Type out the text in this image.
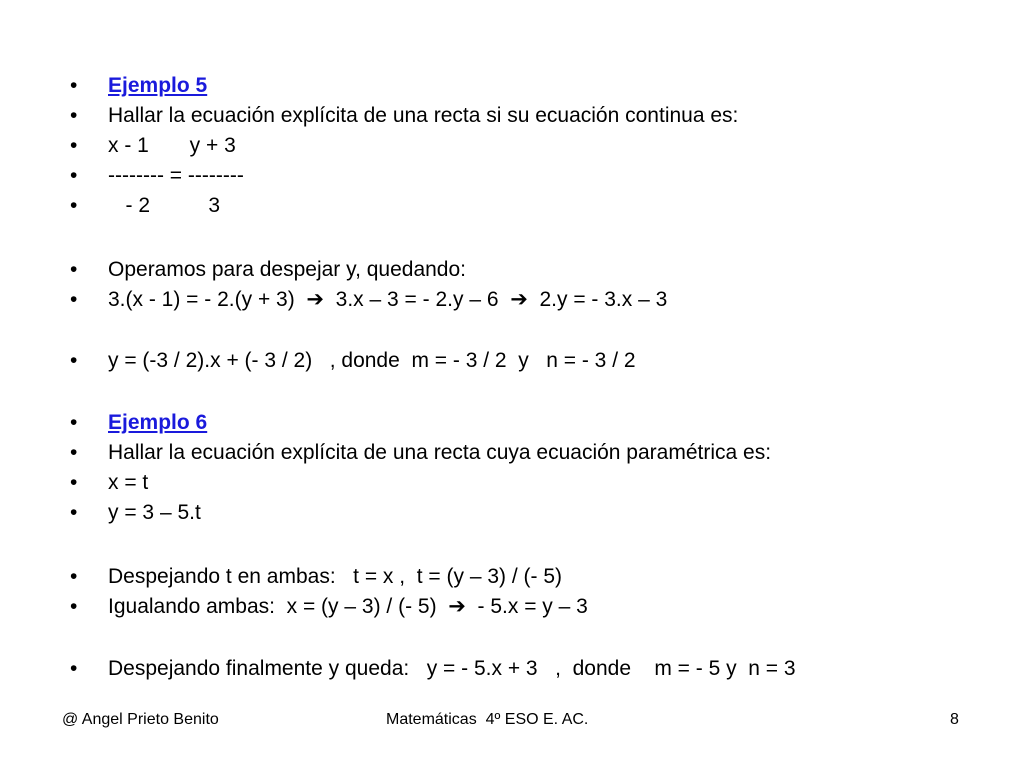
•

	Ejemplo 5

•

	Hallar la ecuación explícita de una recta si su ecuación continua es:

•

	x - 1       y + 3

•

	-------- = --------

•

	- 2          3

•

	Operamos para despejar y, quedando:

•

	3.(x - 1) = - 2.(y + 3)  ➔  3.x – 3 = - 2.y – 6  ➔  2.y = - 3.x – 3

•

	y = (-3 / 2).x + (- 3 / 2)   , donde  m = - 3 / 2  y   n = - 3 / 2

•

	Ejemplo 6

•

	Hallar la ecuación explícita de una recta cuya ecuación paramétrica es:

•

	x = t

•

	y = 3 – 5.t

•

	Despejando t en ambas:   t = x ,  t = (y – 3) / (- 5)

•

	Igualando ambas:  x = (y – 3) / (- 5)  ➔  - 5.x = y – 3

•

	Despejando finalmente y queda:   y = - 5.x + 3   ,  donde    m = - 5 y  n = 3

@ Angel Prieto Benito	Matemáticas  4º ESO E. AC.	8
